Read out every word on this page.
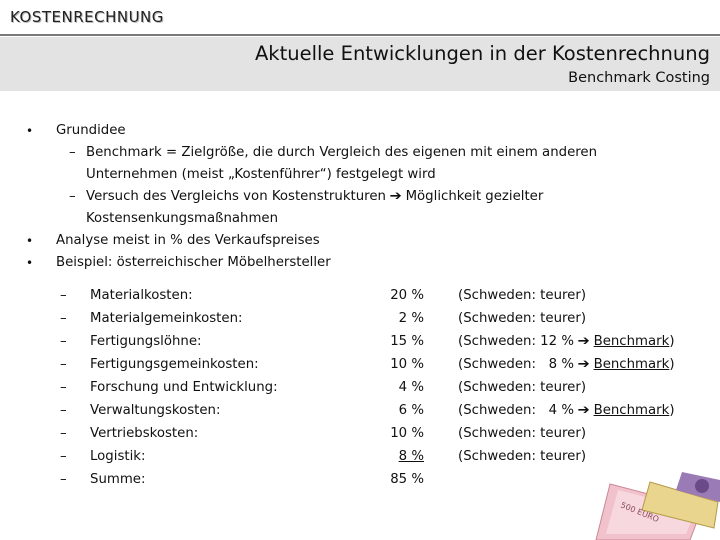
KOSTENRECHNUNG
Aktuelle Entwicklungen in der Kostenrechnung
Benchmark Costing
• Grundidee
– Benchmark = Zielgröße, die durch Vergleich des eigenen mit einem anderen
Unternehmen (meist „Kostenführer“) festgelegt wird
– Versuch des Vergleichs von Kostenstrukturen ➔ Möglichkeit gezielter
Kostensenkungsmaßnahmen
• Analyse meist in % des Verkaufspreises
• Beispiel: österreichischer Möbelhersteller
– Materialkosten:	20 %	(Schweden: teurer)
– Materialgemeinkosten:	2 %	(Schweden: teurer)
– Fertigungslöhne:	15 %	(Schweden: 12 % ➔ Benchmark)
– Fertigungsgemeinkosten:	10 %	(Schweden:   8 % ➔ Benchmark)
– Forschung und Entwicklung:	4 %	(Schweden: teurer)
– Verwaltungskosten:	6 %	(Schweden:   4 % ➔ Benchmark)
– Vertriebskosten:	10 %	(Schweden: teurer)
– Logistik:	8 %	(Schweden: teurer)
– Summe:	85 %
500 EURO
